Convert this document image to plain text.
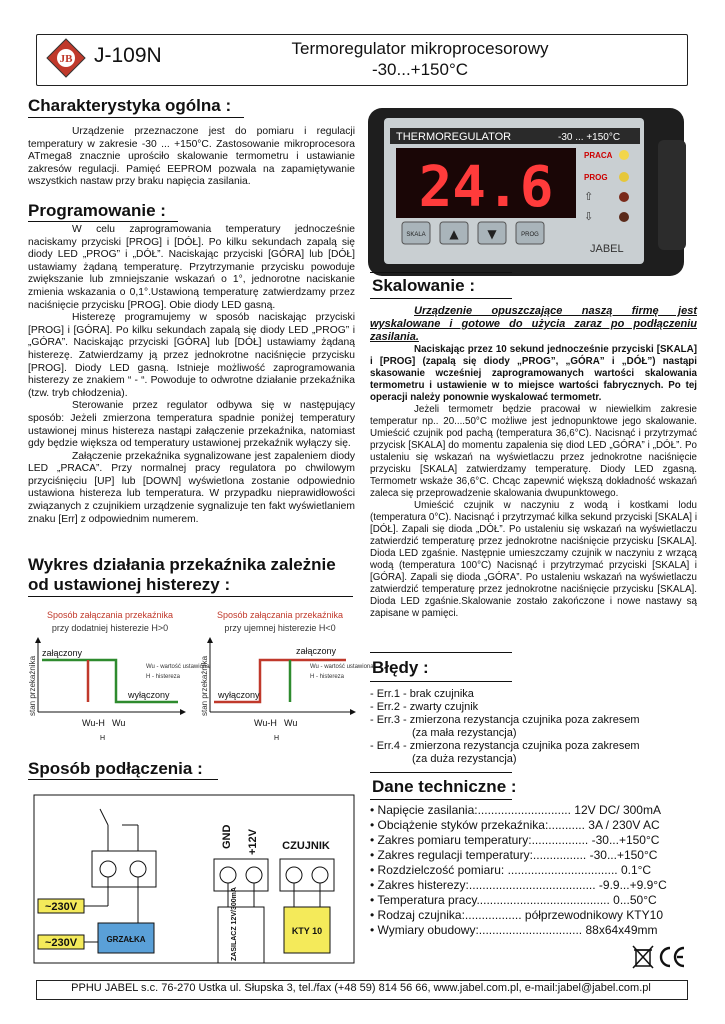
JB J-109N	Termoregulator mikroprocesorowy
-30...+150°C
THERMOREGULATOR	-30 ... +150°C
24.6	PRACA
PROG
⇧
⇩
SKALA ▲ ▼	PROG
JABEL
Charakterystyka ogólna :

Urządzenie przeznaczone jest do pomiaru i regulacji temperatury w zakresie -30 ... +150°C. Zastosowanie mikroprocesora ATmega8 znacznie uprościło skalowanie termometru i ustawianie zakresów regulacji. Pamięć EEPROM pozwala na zapamiętywanie wszystkich nastaw przy braku napięcia zasilania.

Programowanie :

W celu zaprogramowania temperatury jednocześnie naciskamy przyciski [PROG] i [DÓŁ]. Po kilku sekundach zapalą się diody LED „PROG” i „DÓŁ”. Naciskając przyciski [GÓRA] lub [DÓŁ] ustawiamy żądaną temperaturę. Przytrzymanie przycisku powoduje zwiększanie lub zmniejszanie wskazań o 1°, jednorotne naciskanie zmienia wskazania o 0,1°.Ustawioną temperaturę zatwierdzamy przez naciśnięcie przycisku [PROG]. Obie diody LED gasną.

Histerezę programujemy w sposób naciskając przyciski [PROG] i [GÓRA]. Po kilku sekundach zapalą się diody LED „PROG” i „GÓRA”. Naciskając przyciski [GÓRA] lub [DÓŁ] ustawiamy żądaną histerezę. Zatwierdzamy ją przez jednokrotne naciśnięcie przycisku [PROG]. Diody LED gasną. Istnieje możliwość zaprogramowania histerezy ze znakiem “ - “. Powoduje to odwrotne działanie przekaźnika (tzw. tryb chłodzenia).

Sterowanie przez regulator odbywa się w następujący sposób: Jeżeli zmierzona temperatura spadnie poniżej temperatury ustawionej minus histereza nastąpi załączenie przekaźnika, natomiast gdy będzie większa od temperatury ustawionej przekaźnik wyłączy się.

Załączenie przekaźnika sygnalizowane jest zapaleniem diody LED „PRACA”. Przy normalnej pracy regulatora po chwilowym przyciśnięciu [UP] lub [DOWN] wyświetlona zostanie odpowiednio ustawiona histereza lub temperatura. W przypadku nieprawidłowości związanych z czujnikiem urządzenie sygnalizuje ten fakt wyświetlaniem znaku [Err] z odpowiednim numerem.

Wykres działania przekaźnika zależnie
od ustawionej histerezy :
Sposób załączania przekaźnika
przy dodatniej histerezie H>0
stan przekaźnika
załączony
wyłączony
Wu - wartość ustawiona
H - histereza
Wu-H Wu
H
Sposób załączania przekaźnika
przy ujemnej histerezie H<0
stan przekaźnika
załączony
wyłączony
Wu - wartość ustawiona
H - histereza
Wu-H Wu
H
Sposób podłączenia :
~230V
~230V	GRZAŁKA
GND +12V
ZASILACZ 12V/300mA
CZUJNIK
KTY 10
Skalowanie :

Urządzenie opuszczające naszą firmę jest wyskalowane i gotowe do użycia zaraz po podłączeniu zasilania.

Naciskając przez 10 sekund jednocześnie przyciski [SKALA] i [PROG] (zapalą się diody „PROG”, „GÓRA” i „DÓŁ”) nastąpi skasowanie wcześniej zaprogramowanych wartości skalowania termometru i ustawienie w to miejsce wartości fabrycznych. Po tej operacji należy ponownie wyskalować termometr.

Jeżeli termometr będzie pracował w niewielkim zakresie temperatur np.. 20....50°C możliwe jest jednopunktowe jego skalowanie. Umieścić czujnik pod pachą (temperatura 36,6°C). Nacisnąć i przytrzymać przycisk [SKALA] do momentu zapalenia się diod LED „GÓRA” i „DÓŁ”. Po ustaleniu się wskazań na wyświetlaczu przez jednokrotne naciśnięcie przycisku [SKALA] zatwierdzamy temperaturę. Diody LED zgasną. Termometr wskaże 36,6°C. Chcąc zapewnić większą dokładność wskazań zaleca się przeprowadzenie skalowania dwupunktowego.

Umieścić czujnik w naczyniu z wodą i kostkami lodu (temperatura 0°C). Nacisnąć i przytrzymać kilka sekund przyciski [SKALA] i [DÓŁ]. Zapali się dioda „DÓŁ”. Po ustaleniu się wskazań na wyświetlaczu zatwierdzić temperaturę przez jednokrotne naciśnięcie przycisku [SKALA]. Dioda LED zgaśnie. Następnie umieszczamy czujnik w naczyniu z wrzącą wodą (temperatura 100°C) Nacisnąć i przytrzymać przyciski [SKALA] i [GÓRA]. Zapali się dioda „GÓRA”. Po ustaleniu wskazań na wyświetlaczu zatwierdzić temperaturę przez jednokrotne naciśnięcie przycisku [SKALA]. Dioda LED zgaśnie.Skalowanie zostało zakończone i nowe nastawy są zapisane w pamięci.

Błędy :
- Err.1 - brak czujnika
- Err.2 - zwarty czujnik
- Err.3 - zmierzona rezystancja czujnika poza zakresem
(za mała rezystancja)
- Err.4 - zmierzona rezystancja czujnika poza zakresem
(za duża rezystancja)
Dane techniczne :
• Napięcie zasilania:............................ 12V DC/ 300mA
• Obciążenie styków przekaźnika:........... 3A / 230V AC
• Zakres pomiaru temperatury:................. -30...+150°C
• Zakres regulacji temperatury:................ -30...+150°C
• Rozdzielczość pomiaru: ................................. 0.1°C
• Zakres histerezy:...................................... -9.9...+9.9°C
• Temperatura pracy........................................ 0...50°C
• Rodzaj czujnika:................. półprzewodnikowy KTY10
• Wymiary obudowy:............................... 88x64x49mm
PPHU JABEL s.c. 76-270 Ustka ul. Słupska 3, tel./fax (+48 59) 814 56 66, www.jabel.com.pl, e-mail:jabel@jabel.com.pl
